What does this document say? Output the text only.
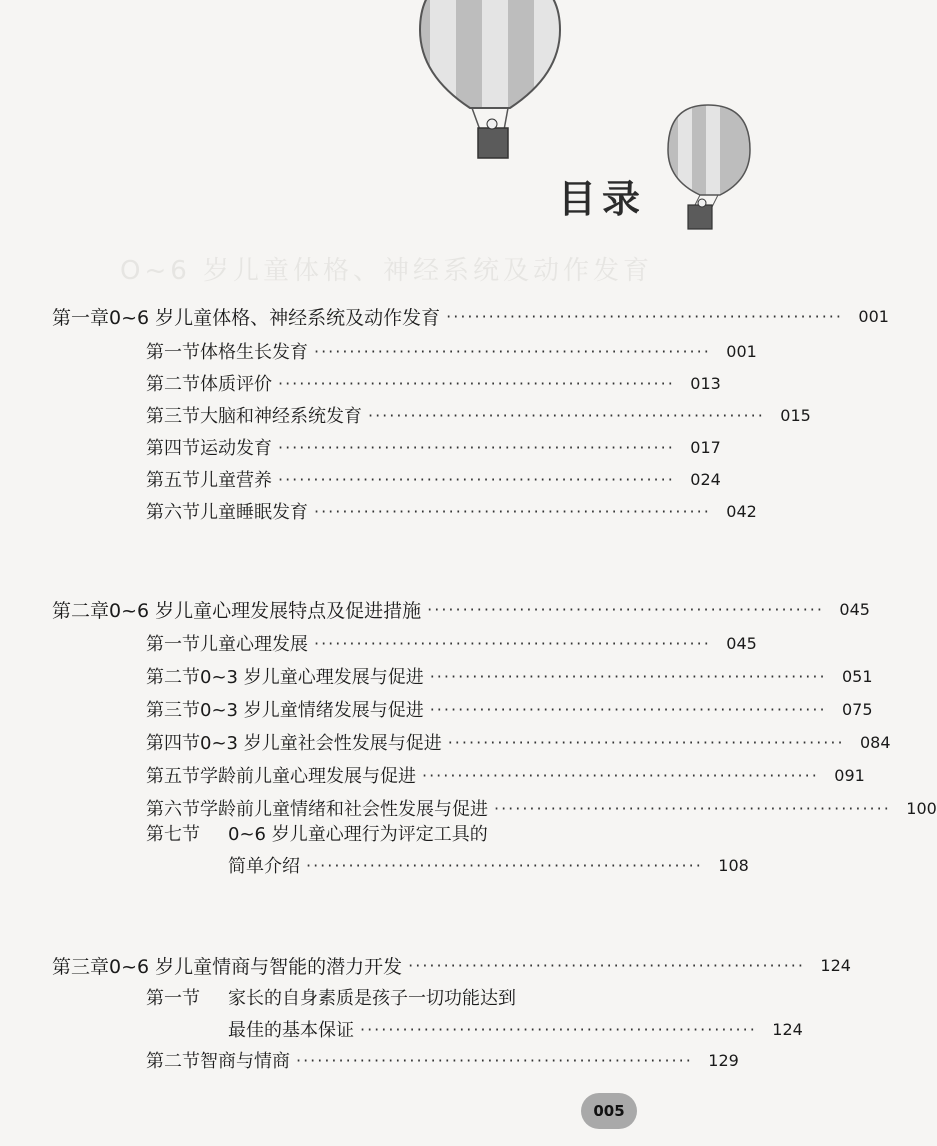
O~6 岁儿童体格、神经系统及动作发育
目录
第一章 0~6 岁儿童体格、神经系统及动作发育 ························································ 001
第一节 体格生长发育 ························································ 001
第二节 体质评价 ························································ 013
第三节 大脑和神经系统发育 ························································ 015
第四节 运动发育 ························································ 017
第五节 儿童营养 ························································ 024
第六节 儿童睡眠发育 ························································ 042
第二章 0~6 岁儿童心理发展特点及促进措施 ························································ 045
第一节 儿童心理发展 ························································ 045
第二节 0~3 岁儿童心理发展与促进 ························································ 051
第三节 0~3 岁儿童情绪发展与促进 ························································ 075
第四节 0~3 岁儿童社会性发展与促进 ························································ 084
第五节 学龄前儿童心理发展与促进 ························································ 091
第六节 学龄前儿童情绪和社会性发展与促进 ························································ 100
第七节	0~6 岁儿童心理行为评定工具的
简单介绍 ························································ 108
第三章 0~6 岁儿童情商与智能的潜力开发 ························································ 124
第一节	家长的自身素质是孩子一切功能达到
最佳的基本保证 ························································ 124
第二节 智商与情商 ························································ 129
005
